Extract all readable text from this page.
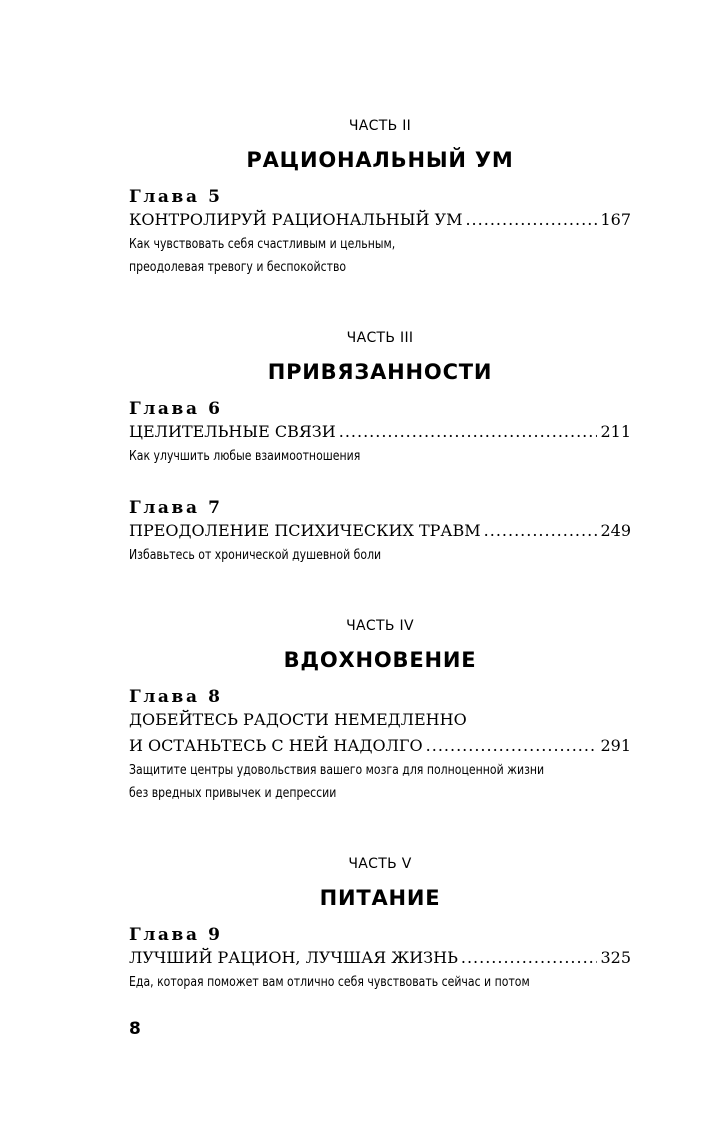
ЧАСТЬ II
РАЦИОНАЛЬНЫЙ УМ
Глава 5
КОНТРОЛИРУЙ РАЦИОНАЛЬНЫЙ УМ .....	167
Как чувствовать себя счастливым и цельным,
преодолевая тревогу и беспокойство
ЧАСТЬ III
ПРИВЯЗАННОСТИ
Глава 6
ЦЕЛИТЕЛЬНЫЕ СВЯЗИ .....	211
Как улучшить любые взаимоотношения
Глава 7
ПРЕОДОЛЕНИЕ ПСИХИЧЕСКИХ ТРАВМ .....	249
Избавьтесь от хронической душевной боли
ЧАСТЬ IV
ВДОХНОВЕНИЕ
Глава 8
ДОБЕЙТЕСЬ РАДОСТИ НЕМЕДЛЕННО
И ОСТАНЬТЕСЬ С НЕЙ НАДОЛГО .....	291
Защитите центры удовольствия вашего мозга для полноценной жизни
без вредных привычек и депрессии
ЧАСТЬ V
ПИТАНИЕ
Глава 9
ЛУЧШИЙ РАЦИОН, ЛУЧШАЯ ЖИЗНЬ .....	325
Еда, которая поможет вам отлично себя чувствовать сейчас и потом
8
